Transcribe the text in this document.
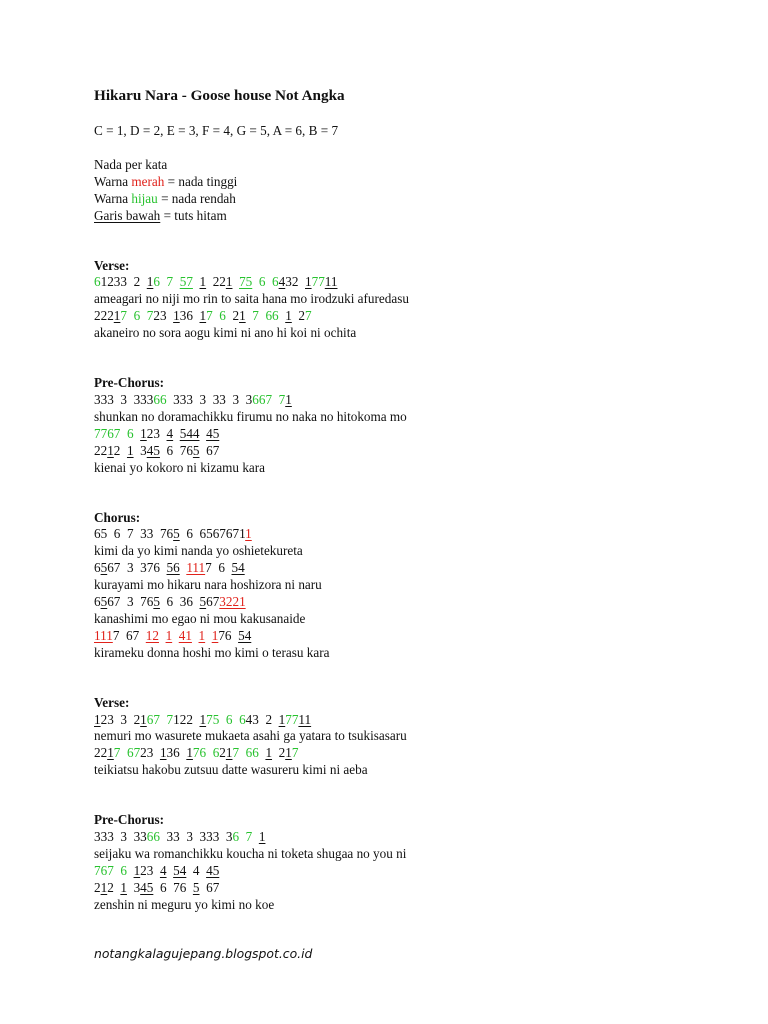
Hikaru Nara - Goose house Not Angka
C = 1, D = 2, E = 3, F = 4, G = 5, A = 6, B = 7
Nada per kata
Warna merah = nada tinggi
Warna hijau = nada rendah
Garis bawah = tuts hitam
Verse:
61233  2  16 7 57 1  221 75 6 6432  17711
ameagari no niji mo rin to saita hana mo irodzuki afuredasu
22217 6 723  136  17 6  21 7 66 1  27
akaneiro no sora aogu kimi ni ano hi koi ni ochita
Pre-Chorus:
333  3  33366  333  3  33  3  3667 71
shunkan no doramachikku firumu no naka no hitokoma mo
7767 6 123  4 544 45
2212  1  345  6  765  67
kienai yo kokoro ni kizamu kara
Chorus:
65  6  7  33  765  6  65676711
kimi da yo kimi nanda yo oshietekureta
6567  3  376  56 1117  6  54
kurayami mo hikaru nara hoshizora ni naru
6567  3  765  6  36  5673221
kanashimi mo egao ni mou kakusanaide
1117  67  12 1 41 1 176  54
kirameku donna hoshi mo kimi o terasu kara
Verse:
123  3  2167 7122  175 6 643  2  17711
nemuri mo wasurete mukaeta asahi ga yatara to tsukisasaru
2217 6723  136  176 6217 66 1  217
teikiatsu hakobu zutsuu datte wasureru kimi ni aeba
Pre-Chorus:
333  3  3366  33  3  333  36 7 1
seijaku wa romanchikku koucha ni toketa shugaa no you ni
767 6 123  4 54  4  45
212  1  345  6  76  5  67
zenshin ni meguru yo kimi no koe
notangkalagujepang.blogspot.co.id
